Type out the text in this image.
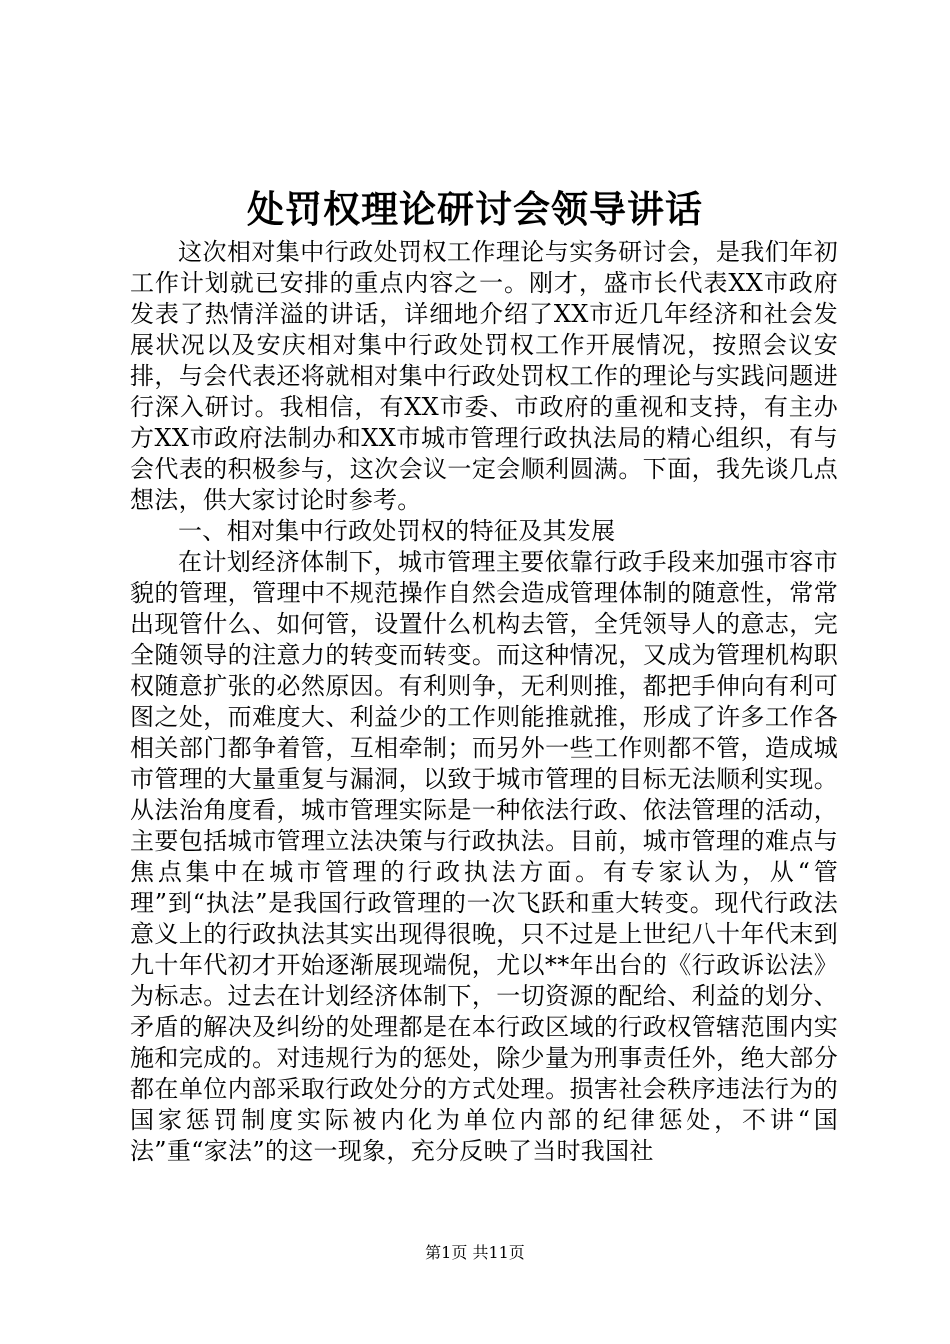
处罚权理论研讨会领导讲话

这次相对集中行政处罚权工作理论与实务研讨会，是我们年初工作计划就已安排的重点内容之一。刚才，盛市长代表XX市政府发表了热情洋溢的讲话，详细地介绍了XX市近几年经济和社会发展状况以及安庆相对集中行政处罚权工作开展情况，按照会议安排，与会代表还将就相对集中行政处罚权工作的理论与实践问题进行深入研讨。我相信，有XX市委、市政府的重视和支持，有主办方XX市政府法制办和XX市城市管理行政执法局的精心组织，有与会代表的积极参与，这次会议一定会顺利圆满。下面，我先谈几点想法，供大家讨论时参考。

一、相对集中行政处罚权的特征及其发展

在计划经济体制下，城市管理主要依靠行政手段来加强市容市貌的管理，管理中不规范操作自然会造成管理体制的随意性，常常出现管什么、如何管，设置什么机构去管，全凭领导人的意志，完全随领导的注意力的转变而转变。而这种情况，又成为管理机构职权随意扩张的必然原因。有利则争，无利则推，都把手伸向有利可图之处，而难度大、利益少的工作则能推就推，形成了许多工作各相关部门都争着管，互相牵制；而另外一些工作则都不管，造成城市管理的大量重复与漏洞，以致于城市管理的目标无法顺利实现。从法治角度看，城市管理实际是一种依法行政、依法管理的活动，主要包括城市管理立法决策与行政执法。目前，城市管理的难点与焦点集中在城市管理的行政执法方面。有专家认为，从“管理”到“执法”是我国行政管理的一次飞跃和重大转变。现代行政法意义上的行政执法其实出现得很晚，只不过是上世纪八十年代末到九十年代初才开始逐渐展现端倪，尤以**年出台的《行政诉讼法》为标志。过去在计划经济体制下，一切资源的配给、利益的划分、矛盾的解决及纠纷的处理都是在本行政区域的行政权管辖范围内实施和完成的。对违规行为的惩处，除少量为刑事责任外，绝大部分都在单位内部采取行政处分的方式处理。损害社会秩序违法行为的国家惩罚制度实际被内化为单位内部的纪律惩处，不讲“国法”重“家法”的这一现象，充分反映了当时我国社

第1页 共11页
